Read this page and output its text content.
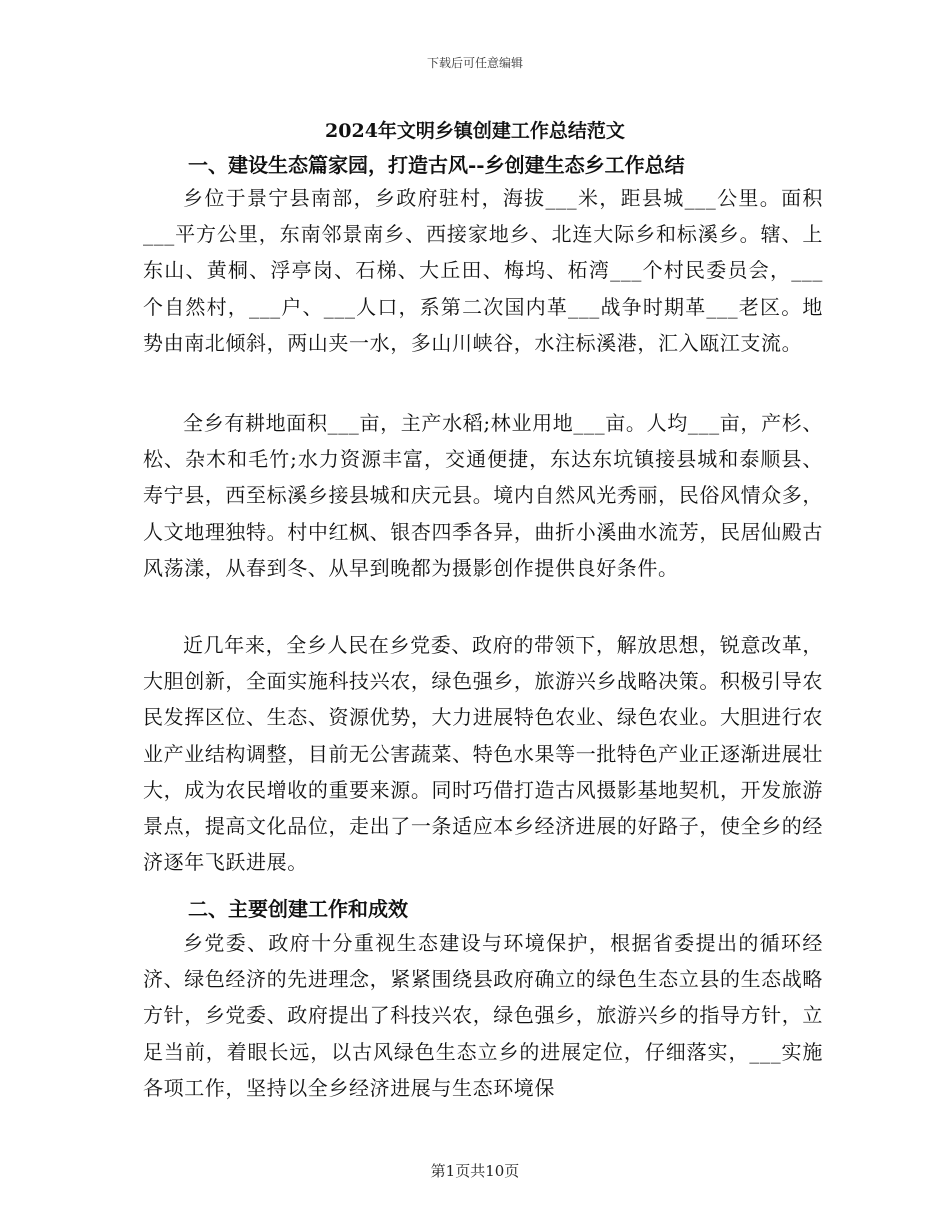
下载后可任意编辑
2024年文明乡镇创建工作总结范文
一、建设生态篇家园，打造古风--乡创建生态乡工作总结

乡位于景宁县南部，乡政府驻村，海拔___米，距县城___公里。面积___平方公里，东南邻景南乡、西接家地乡、北连大际乡和标溪乡。辖、上东山、黄桐、浮亭岗、石梯、大丘田、梅坞、柘湾___个村民委员会，___个自然村，___户、___人口，系第二次国内革___战争时期革___老区。地势由南北倾斜，两山夹一水，多山川峡谷，水注标溪港，汇入瓯江支流。

全乡有耕地面积___亩，主产水稻;林业用地___亩。人均___亩，产杉、松、杂木和毛竹;水力资源丰富，交通便捷，东达东坑镇接县城和泰顺县、寿宁县，西至标溪乡接县城和庆元县。境内自然风光秀丽，民俗风情众多，人文地理独特。村中红枫、银杏四季各异，曲折小溪曲水流芳，民居仙殿古风荡漾，从春到冬、从早到晚都为摄影创作提供良好条件。

近几年来，全乡人民在乡党委、政府的带领下，解放思想，锐意改革，大胆创新，全面实施科技兴农，绿色强乡，旅游兴乡战略决策。积极引导农民发挥区位、生态、资源优势，大力进展特色农业、绿色农业。大胆进行农业产业结构调整，目前无公害蔬菜、特色水果等一批特色产业正逐渐进展壮大，成为农民增收的重要来源。同时巧借打造古风摄影基地契机，开发旅游景点，提高文化品位，走出了一条适应本乡经济进展的好路子，使全乡的经济逐年飞跃进展。

二、主要创建工作和成效

乡党委、政府十分重视生态建设与环境保护，根据省委提出的循环经济、绿色经济的先进理念，紧紧围绕县政府确立的绿色生态立县的生态战略方针，乡党委、政府提出了科技兴农，绿色强乡，旅游兴乡的指导方针，立足当前，着眼长远，以古风绿色生态立乡的进展定位，仔细落实，___实施各项工作，坚持以全乡经济进展与生态环境保

第1页共10页
